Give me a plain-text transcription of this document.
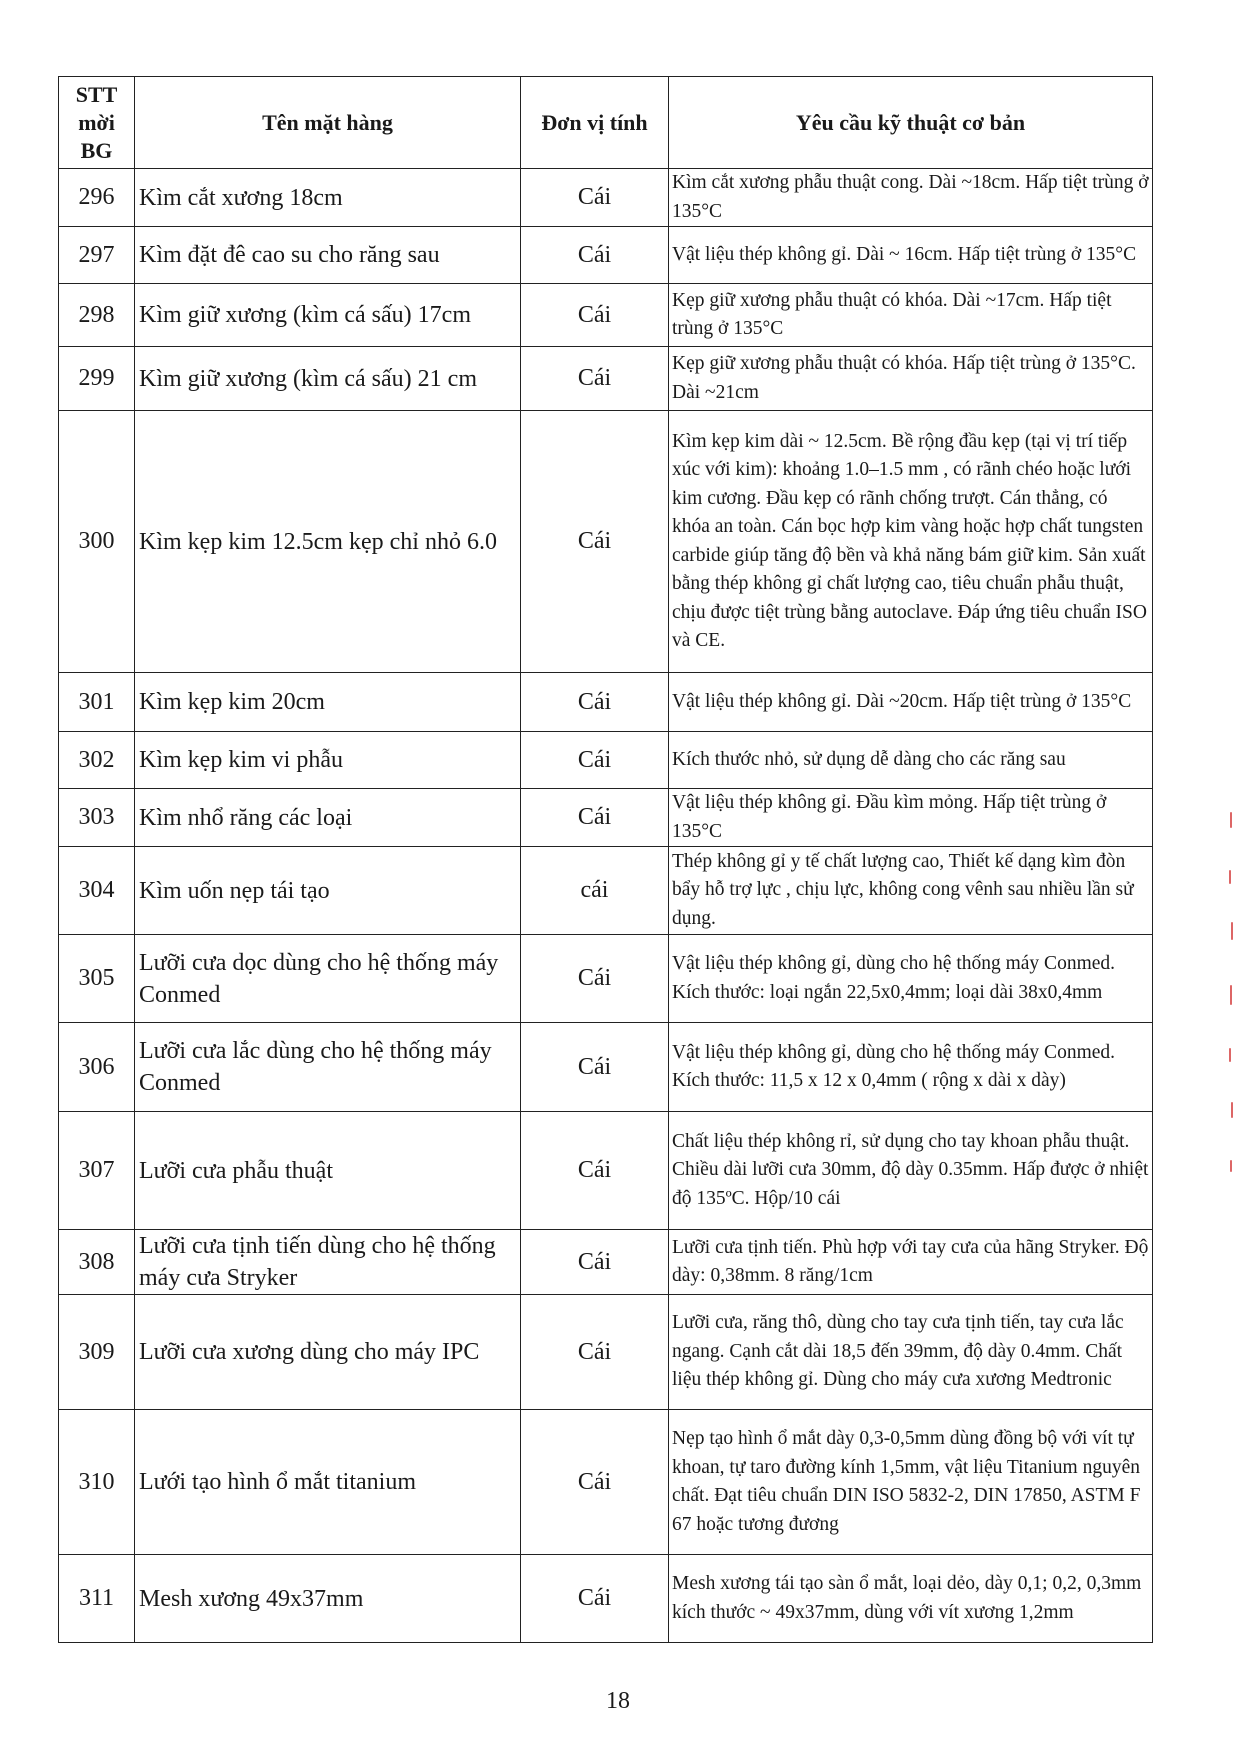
STT mời BG	Tên mặt hàng	Đơn vị tính	Yêu cầu kỹ thuật cơ bản
296	Kìm cắt xương 18cm	Cái	Kìm cắt xương phẫu thuật cong. Dài ~18cm. Hấp tiệt trùng ở 135°C
297	Kìm đặt đê cao su cho răng sau	Cái	Vật liệu thép không gỉ. Dài ~ 16cm. Hấp tiệt trùng ở 135°C
298	Kìm giữ xương (kìm cá sấu) 17cm	Cái	Kẹp giữ xương phẫu thuật có khóa. Dài ~17cm. Hấp tiệt trùng ở 135°C
299	Kìm giữ xương (kìm cá sấu) 21 cm	Cái	Kẹp giữ xương phẫu thuật có khóa. Hấp tiệt trùng ở 135°C. Dài ~21cm
300	Kìm kẹp kim 12.5cm kẹp chỉ nhỏ 6.0	Cái	Kìm kẹp kim dài ~ 12.5cm. Bề rộng đầu kẹp (tại vị trí tiếp xúc với kim): khoảng 1.0–1.5 mm , có rãnh chéo hoặc lưới kim cương. Đầu kẹp có rãnh chống trượt. Cán thẳng, có khóa an toàn. Cán bọc hợp kim vàng hoặc hợp chất tungsten carbide giúp tăng độ bền và khả năng bám giữ kim. Sản xuất bằng thép không gỉ chất lượng cao, tiêu chuẩn phẫu thuật, chịu được tiệt trùng bằng autoclave. Đáp ứng tiêu chuẩn ISO và CE.
301	Kìm kẹp kim 20cm	Cái	Vật liệu thép không gỉ. Dài ~20cm. Hấp tiệt trùng ở 135°C
302	Kìm kẹp kim vi phẫu	Cái	Kích thước nhỏ, sử dụng dễ dàng cho các răng sau
303	Kìm nhổ răng các loại	Cái	Vật liệu thép không gỉ. Đầu kìm mỏng. Hấp tiệt trùng ở 135°C
304	Kìm uốn nẹp tái tạo	cái	Thép không gỉ y tế chất lượng cao, Thiết kế dạng kìm đòn bẩy hỗ trợ lực , chịu lực, không cong vênh sau nhiều lần sử dụng.
305	Lưỡi cưa dọc dùng cho hệ thống máy Conmed	Cái	Vật liệu thép không gỉ, dùng cho hệ thống máy Conmed. Kích thước: loại ngắn 22,5x0,4mm; loại dài 38x0,4mm
306	Lưỡi cưa lắc dùng cho hệ thống máy Conmed	Cái	Vật liệu thép không gỉ, dùng cho hệ thống máy Conmed. Kích thước: 11,5 x 12 x 0,4mm ( rộng x dài x dày)
307	Lưỡi cưa phẫu thuật	Cái	Chất liệu thép không rỉ, sử dụng cho tay khoan phẫu thuật. Chiều dài lưỡi cưa 30mm, độ dày 0.35mm. Hấp được ở nhiệt độ 135ºC. Hộp/10 cái
308	Lưỡi cưa tịnh tiến dùng cho hệ thống máy cưa Stryker	Cái	Lưỡi cưa tịnh tiến. Phù hợp với tay cưa của hãng Stryker. Độ dày: 0,38mm. 8 răng/1cm
309	Lưỡi cưa xương dùng cho máy IPC	Cái	Lưỡi cưa, răng thô, dùng cho tay cưa tịnh tiến, tay cưa lắc ngang. Cạnh cắt dài 18,5 đến 39mm, độ dày 0.4mm. Chất liệu thép không gỉ. Dùng cho máy cưa xương Medtronic
310	Lưới tạo hình ổ mắt titanium	Cái	Nẹp tạo hình ổ mắt dày 0,3-0,5mm dùng đồng bộ với vít tự khoan, tự taro đường kính 1,5mm, vật liệu Titanium nguyên chất. Đạt tiêu chuẩn DIN ISO 5832-2, DIN 17850, ASTM F 67 hoặc tương đương
311	Mesh xương 49x37mm	Cái	Mesh xương tái tạo sàn ổ mắt, loại dẻo, dày 0,1; 0,2, 0,3mm kích thước ~ 49x37mm, dùng với vít xương 1,2mm
18
